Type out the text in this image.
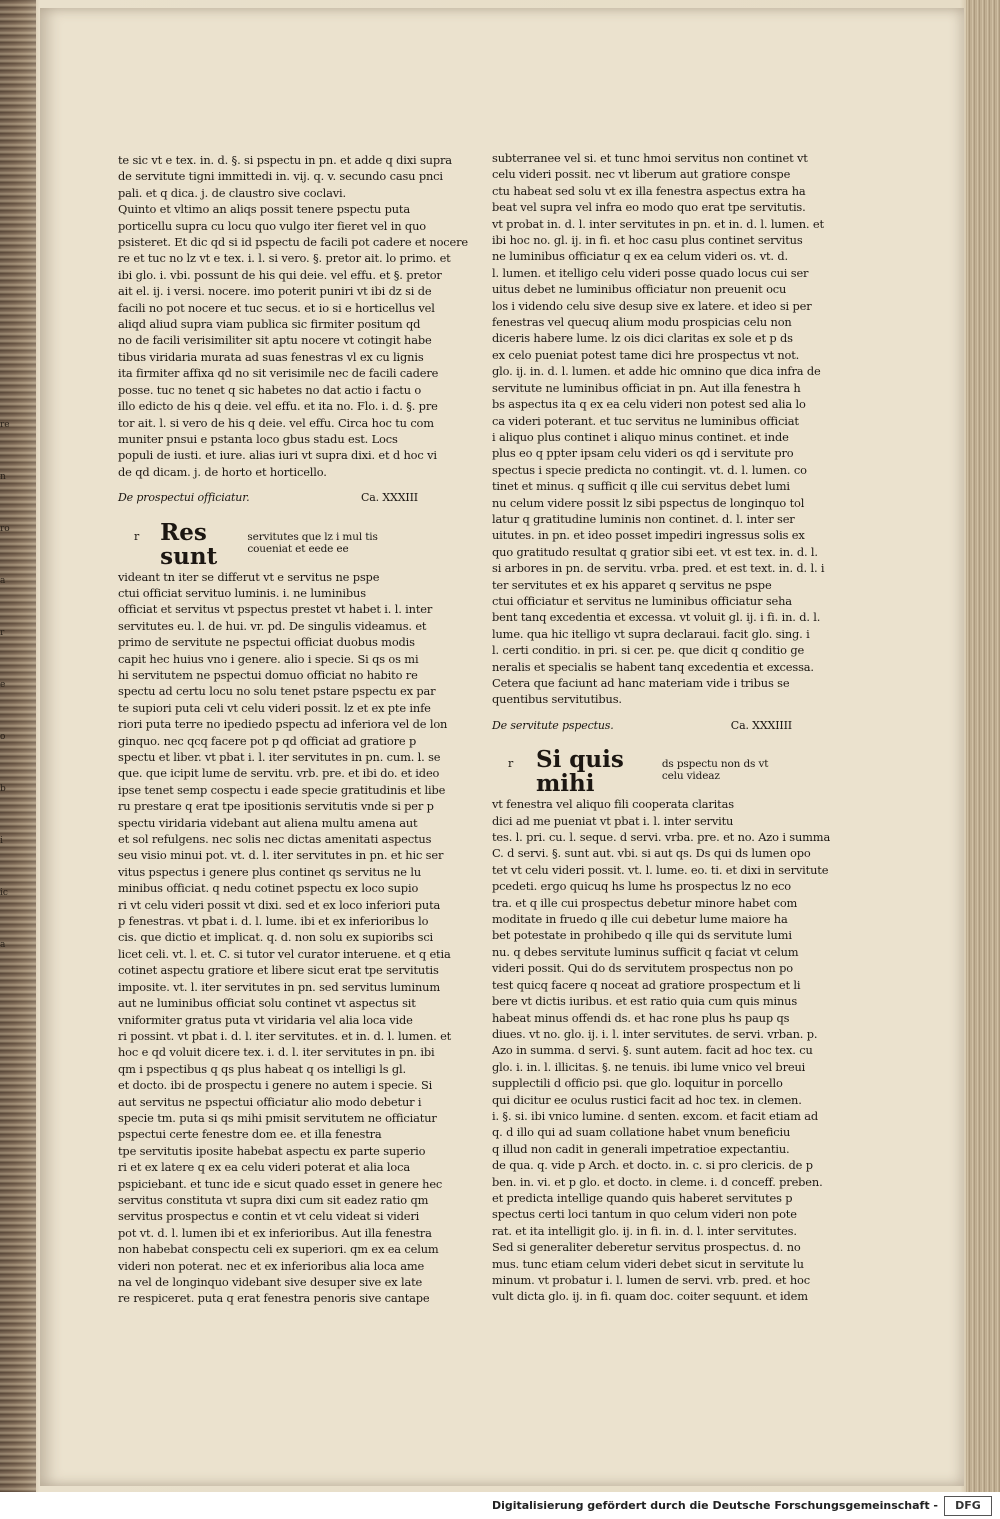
re

n

ro

a

r

e

o

b

i

ic

a

te sic vt e tex. in. d. §. si pspectu in pn. et adde q dixi supra

de servitute tigni immittedi in. vij. q. v. secundo casu pnci

pali. et q dica. j. de claustro sive coclavi.

Quinto et vltimo an aliqs possit tenere pspectu puta

porticellu supra cu locu quo vulgo iter fieret vel in quo

psisteret. Et dic qd si id pspectu de facili pot cadere et nocere

re et tuc no lz vt e tex. i. l. si vero. §. pretor ait. lo primo. et

ibi glo. i. vbi. possunt de his qui deie. vel effu. et §. pretor

ait el. ij. i versi. nocere. imo poterit puniri vt ibi dz si de

facili no pot nocere et tuc secus. et io si e horticellus vel

aliqd aliud supra viam publica sic firmiter positum qd

no de facili verisimiliter sit aptu nocere vt cotingit habe

tibus viridaria murata ad suas fenestras vl ex cu lignis

ita firmiter affixa qd no sit verisimile nec de facili cadere

posse. tuc no tenet q sic habetes no dat actio i factu o

illo edicto de his q deie. vel effu. et ita no. Flo. i. d. §. pre

tor ait. l. si vero de his q deie. vel effu. Circa hoc tu com

muniter pnsui e pstanta loco gbus stadu est. Locs

populi de iusti. et iure. alias iuri vt supra dixi. et d hoc vi

de qd dicam. j. de horto et horticello.

De prospectui officiatur.	Ca. XXXIII
r Res sunt
servitutes que lz i mul tis coueniat et eede ee

videant tn iter se differut vt e servitus ne pspe

ctui officiat servituo luminis. i. ne luminibus

officiat et servitus vt pspectus prestet vt habet i. l. inter

servitutes eu. l. de hui. vr. pd. De singulis videamus. et

primo de servitute ne pspectui officiat duobus modis

capit hec huius vno i genere. alio i specie. Si qs os mi

hi servitutem ne pspectui domuo officiat no habito re

spectu ad certu locu no solu tenet pstare pspectu ex par

te supiori puta celi vt celu videri possit. lz et ex pte infe

riori puta terre no ipediedo pspectu ad inferiora vel de lon

ginquo. nec qcq facere pot p qd officiat ad gratiore p

spectu et liber. vt pbat i. l. iter servitutes in pn. cum. l. se

que. que icipit lume de servitu. vrb. pre. et ibi do. et ideo

ipse tenet semp cospectu i eade specie gratitudinis et libe

ru prestare q erat tpe ipositionis servitutis vnde si per p

spectu viridaria videbant aut aliena multu amena aut

et sol refulgens. nec solis nec dictas amenitati aspectus

seu visio minui pot. vt. d. l. iter servitutes in pn. et hic ser

vitus pspectus i genere plus continet qs servitus ne lu

minibus officiat. q nedu cotinet pspectu ex loco supio

ri vt celu videri possit vt dixi. sed et ex loco inferiori puta

p fenestras. vt pbat i. d. l. lume. ibi et ex inferioribus lo

cis. que dictio et implicat. q. d. non solu ex supioribs sci

licet celi. vt. l. et. C. si tutor vel curator interuene. et q etia

cotinet aspectu gratiore et libere sicut erat tpe servitutis

imposite. vt. l. iter servitutes in pn. sed servitus luminum

aut ne luminibus officiat solu continet vt aspectus sit

vniformiter gratus puta vt viridaria vel alia loca vide

ri possint. vt pbat i. d. l. iter servitutes. et in. d. l. lumen. et

hoc e qd voluit dicere tex. i. d. l. iter servitutes in pn. ibi

qm i pspectibus q qs plus habeat q os intelligi ls gl.

et docto. ibi de prospectu i genere no autem i specie. Si

aut servitus ne pspectui officiatur alio modo debetur i

specie tm. puta si qs mihi pmisit servitutem ne officiatur

pspectui certe fenestre dom ee. et illa fenestra

tpe servitutis iposite habebat aspectu ex parte superio

ri et ex latere q ex ea celu videri poterat et alia loca

pspiciebant. et tunc ide e sicut quado esset in genere hec

servitus constituta vt supra dixi cum sit eadez ratio qm

servitus prospectus e contin et vt celu videat si videri

pot vt. d. l. lumen ibi et ex inferioribus. Aut illa fenestra

non habebat conspectu celi ex superiori. qm ex ea celum

videri non poterat. nec et ex inferioribus alia loca ame

na vel de longinquo videbant sive desuper sive ex late

re respiceret. puta q erat fenestra penoris sive cantape

subterranee vel si. et tunc hmoi servitus non continet vt

celu videri possit. nec vt liberum aut gratiore conspe

ctu habeat sed solu vt ex illa fenestra aspectus extra ha

beat vel supra vel infra eo modo quo erat tpe servitutis.

vt probat in. d. l. inter servitutes in pn. et in. d. l. lumen. et

ibi hoc no. gl. ij. in fi. et hoc casu plus continet servitus

ne luminibus officiatur q ex ea celum videri os. vt. d.

l. lumen. et itelligo celu videri posse quado locus cui ser

uitus debet ne luminibus officiatur non preuenit ocu

los i videndo celu sive desup sive ex latere. et ideo si per

fenestras vel quecuq alium modu prospicias celu non

diceris habere lume. lz ois dici claritas ex sole et p ds

ex celo pueniat potest tame dici hre prospectus vt not.

glo. ij. in. d. l. lumen. et adde hic omnino que dica infra de

servitute ne luminibus officiat in pn. Aut illa fenestra h

bs aspectus ita q ex ea celu videri non potest sed alia lo

ca videri poterant. et tuc servitus ne luminibus officiat

i aliquo plus continet i aliquo minus continet. et inde

plus eo q ppter ipsam celu videri os qd i servitute pro

spectus i specie predicta no contingit. vt. d. l. lumen. co

tinet et minus. q sufficit q ille cui servitus debet lumi

nu celum videre possit lz sibi pspectus de longinquo tol

latur q gratitudine luminis non continet. d. l. inter ser

uitutes. in pn. et ideo posset impediri ingressus solis ex

quo gratitudo resultat q gratior sibi eet. vt est tex. in. d. l.

si arbores in pn. de servitu. vrba. pred. et est text. in. d. l. i

ter servitutes et ex his apparet q servitus ne pspe

ctui officiatur et servitus ne luminibus officiatur seha

bent tanq excedentia et excessa. vt voluit gl. ij. i fi. in. d. l.

lume. qua hic itelligo vt supra declaraui. facit glo. sing. i

l. certi conditio. in pri. si cer. pe. que dicit q conditio ge

neralis et specialis se habent tanq excedentia et excessa.

Cetera que faciunt ad hanc materiam vide i tribus se

quentibus servitutibus.

De servitute pspectus.	Ca. XXXIIII
r Si quis mihi
ds pspectu non ds vt celu videaz

vt fenestra vel aliquo fili cooperata claritas

dici ad me pueniat vt pbat i. l. inter servitu

tes. l. pri. cu. l. seque. d servi. vrba. pre. et no. Azo i summa

C. d servi. §. sunt aut. vbi. si aut qs. Ds qui ds lumen opo

tet vt celu videri possit. vt. l. lume. eo. ti. et dixi in servitute

pcedeti. ergo quicuq hs lume hs prospectus lz no eco

tra. et q ille cui prospectus debetur minore habet com

moditate in fruedo q ille cui debetur lume maiore ha

bet potestate in prohibedo q ille qui ds servitute lumi

nu. q debes servitute luminus sufficit q faciat vt celum

videri possit. Qui do ds servitutem prospectus non po

test quicq facere q noceat ad gratiore prospectum et li

bere vt dictis iuribus. et est ratio quia cum quis minus

habeat minus offendi ds. et hac rone plus hs paup qs

diues. vt no. glo. ij. i. l. inter servitutes. de servi. vrban. p.

Azo in summa. d servi. §. sunt autem. facit ad hoc tex. cu

glo. i. in. l. illicitas. §. ne tenuis. ibi lume vnico vel breui

supplectili d officio psi. que glo. loquitur in porcello

qui dicitur ee oculus rustici facit ad hoc tex. in clemen.

i. §. si. ibi vnico lumine. d senten. excom. et facit etiam ad

q. d illo qui ad suam collatione habet vnum beneficiu

q illud non cadit in generali impetratioe expectantiu.

de qua. q. vide p Arch. et docto. in. c. si pro clericis. de p

ben. in. vi. et p glo. et docto. in cleme. i. d conceff. preben.

et predicta intellige quando quis haberet servitutes p

spectus certi loci tantum in quo celum videri non pote

rat. et ita intelligit glo. ij. in fi. in. d. l. inter servitutes.

Sed si generaliter deberetur servitus prospectus. d. no

mus. tunc etiam celum videri debet sicut in servitute lu

minum. vt probatur i. l. lumen de servi. vrb. pred. et hoc

vult dicta glo. ij. in fi. quam doc. coiter sequunt. et idem

Digitalisierung gefördert durch die Deutsche Forschungsgemeinschaft -	DFG
